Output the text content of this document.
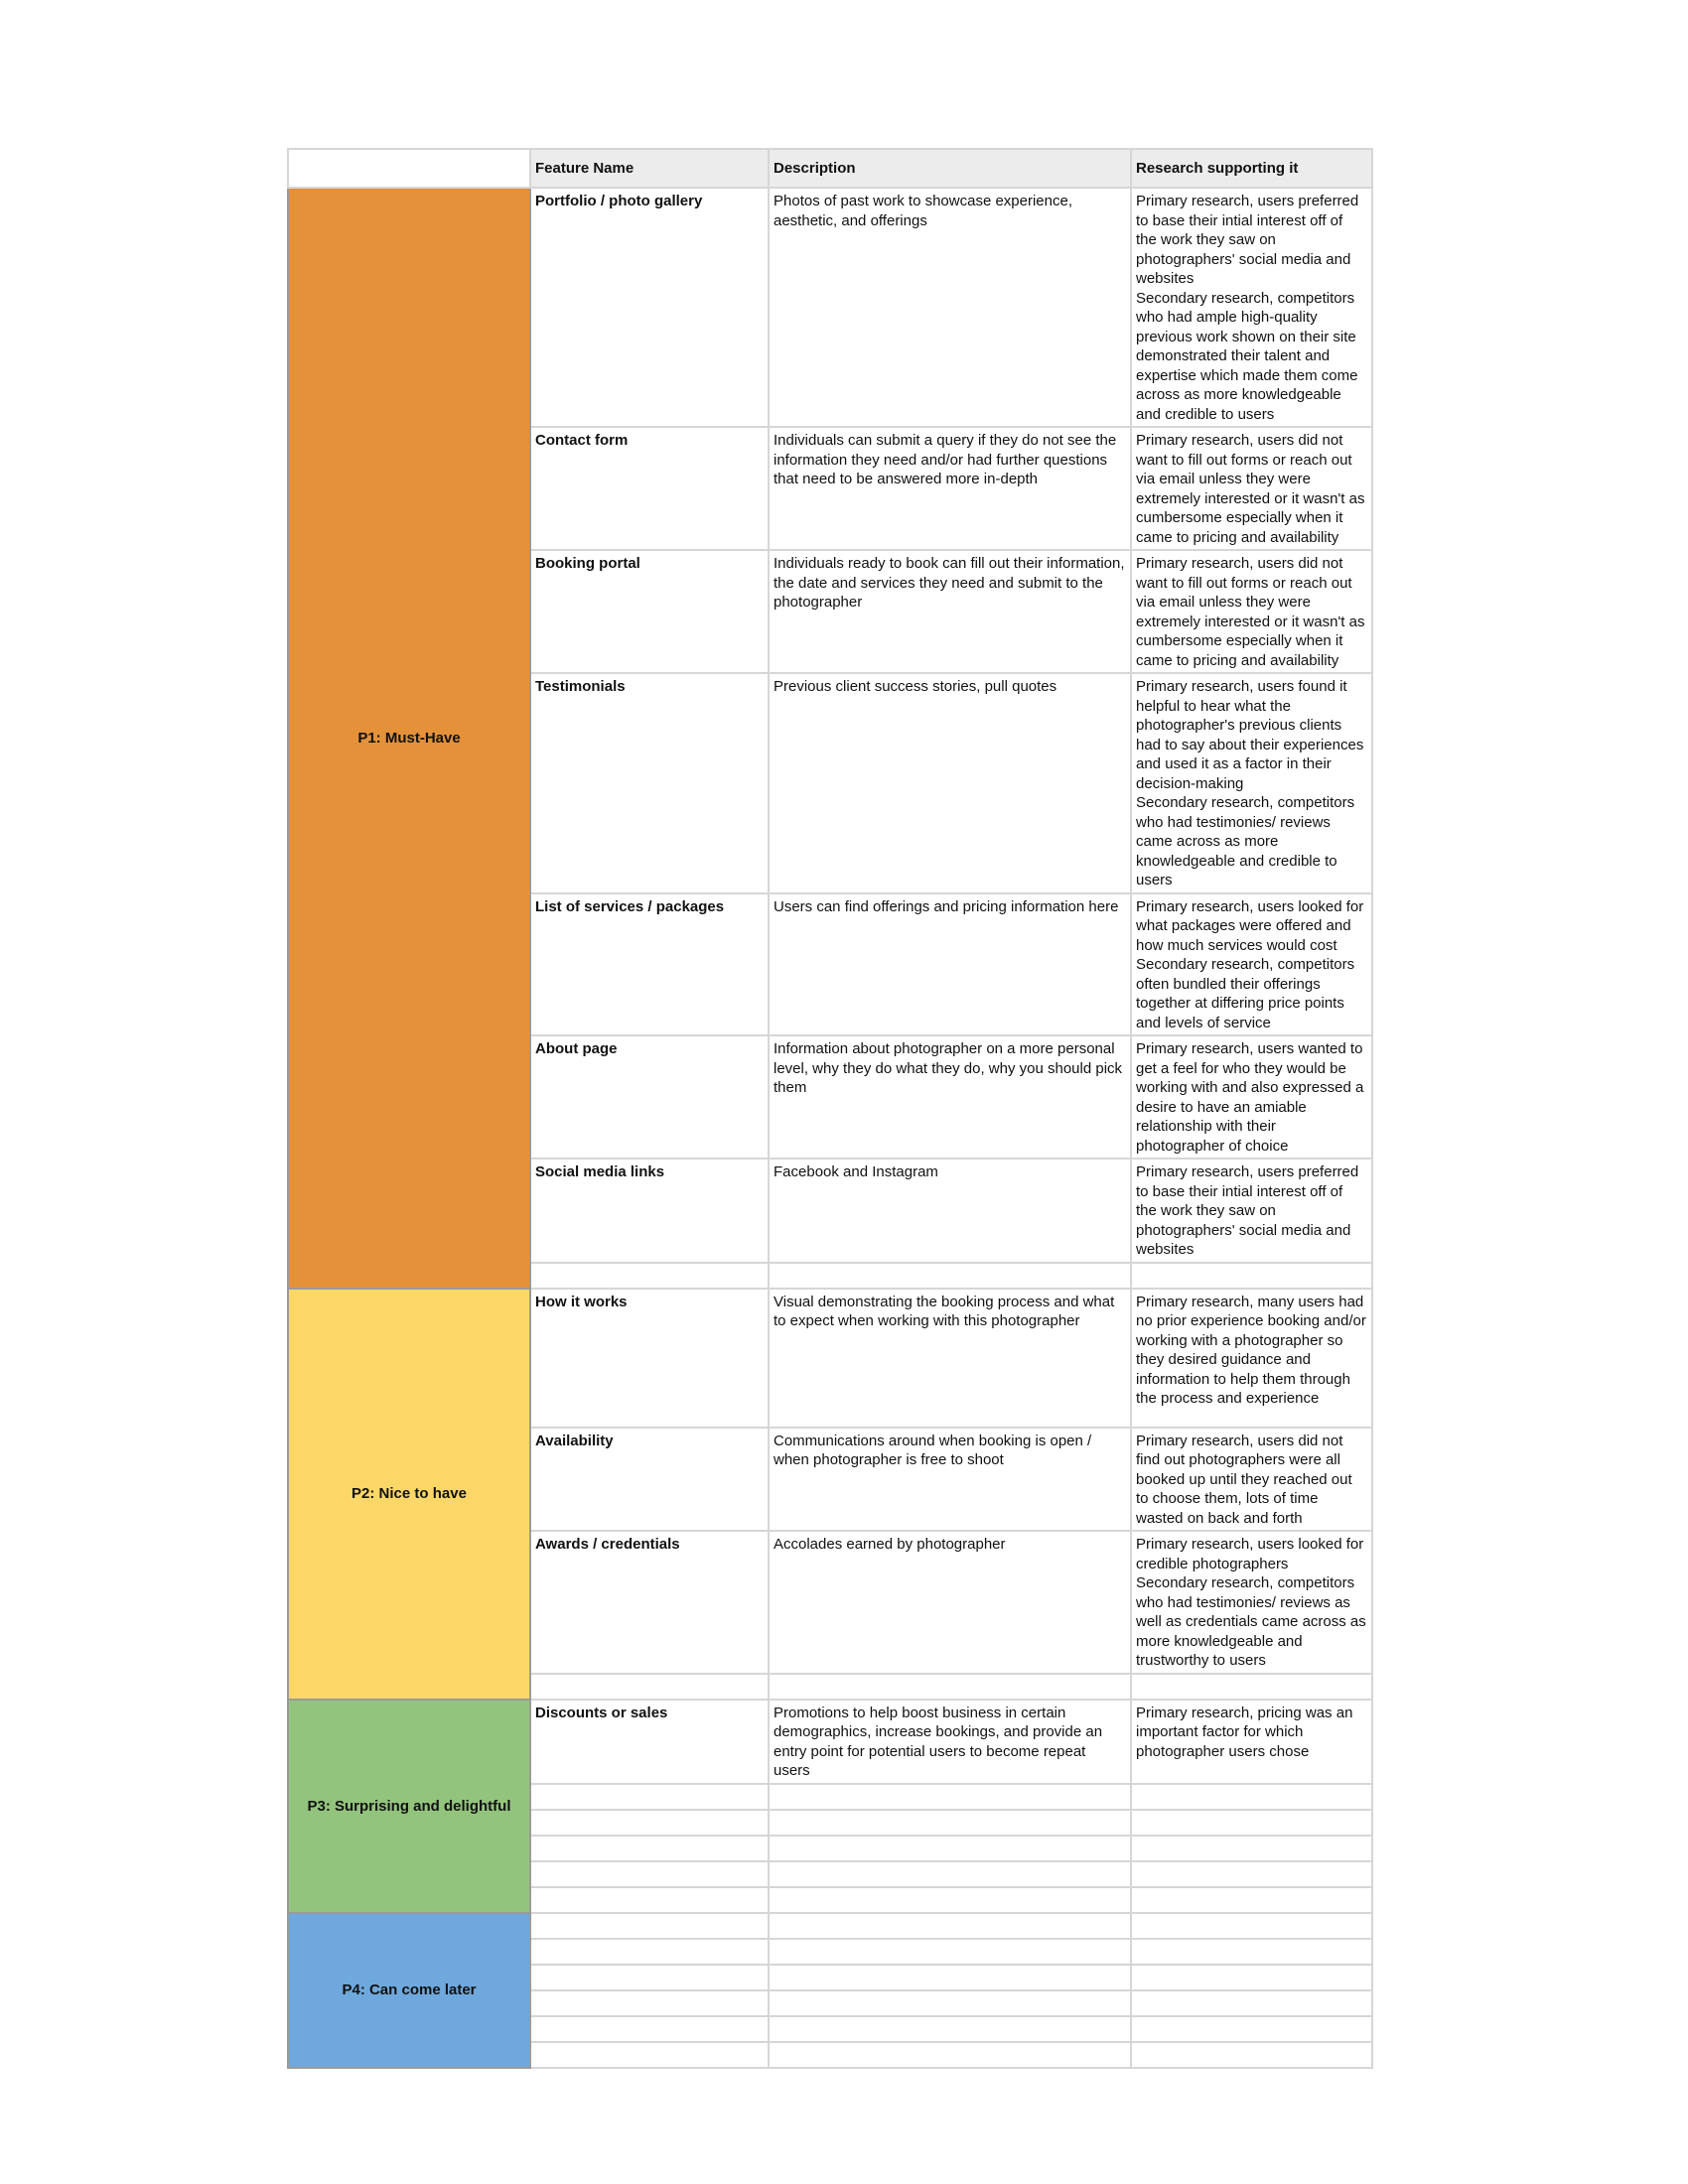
	Feature Name	Description	Research supporting it
P1: Must-Have	Portfolio / photo gallery	Photos of past work to showcase experience, aesthetic, and offerings	Primary research, users preferred to base their intial interest off of the work they saw on photographers' social media and websites
Secondary research, competitors who had ample high-quality previous work shown on their site demonstrated their talent and expertise which made them come across as more knowledgeable and credible to users
	Contact form	Individuals can submit a query if they do not see the information they need and/or had further questions that need to be answered more in-depth	Primary research, users did not want to fill out forms or reach out via email unless they were extremely interested or it wasn't as cumbersome especially when it came to pricing and availability
	Booking portal	Individuals ready to book can fill out their information, the date and services they need and submit to the photographer	Primary research, users did not want to fill out forms or reach out via email unless they were extremely interested or it wasn't as cumbersome especially when it came to pricing and availability
	Testimonials	Previous client success stories, pull quotes	Primary research, users found it helpful to hear what the photographer's previous clients had to say about their experiences and used it as a factor in their decision-making
Secondary research, competitors who had testimonies/ reviews came across as more knowledgeable and credible to users
	List of services / packages	Users can find offerings and pricing information here	Primary research, users looked for what packages were offered and how much services would cost
Secondary research, competitors often bundled their offerings together at differing price points and levels of service
	About page	Information about photographer on a more personal level, why they do what they do, why you should pick them	Primary research, users wanted to get a feel for who they would be working with and also expressed a desire to have an amiable relationship with their photographer of choice
	Social media links	Facebook and Instagram	Primary research, users preferred to base their intial interest off of the work they saw on photographers' social media and websites

P2: Nice to have	How it works	Visual demonstrating the booking process and what to expect when working with this photographer	Primary research, many users had no prior experience booking and/or working with a photographer so they desired guidance and information to help them through the process and experience
	Availability	Communications around when booking is open / when photographer is free to shoot	Primary research, users did not find out photographers were all booked up until they reached out to choose them, lots of time wasted on back and forth
	Awards / credentials	Accolades earned by photographer	Primary research, users looked for credible photographers
Secondary research, competitors who had testimonies/ reviews as well as credentials came across as more knowledgeable and trustworthy to users

P3: Surprising and delightful	Discounts or sales	Promotions to help boost business in certain demographics, increase bookings, and provide an entry point for potential users to become repeat users	Primary research, pricing was an important factor for which photographer users chose

P4: Can come later			
